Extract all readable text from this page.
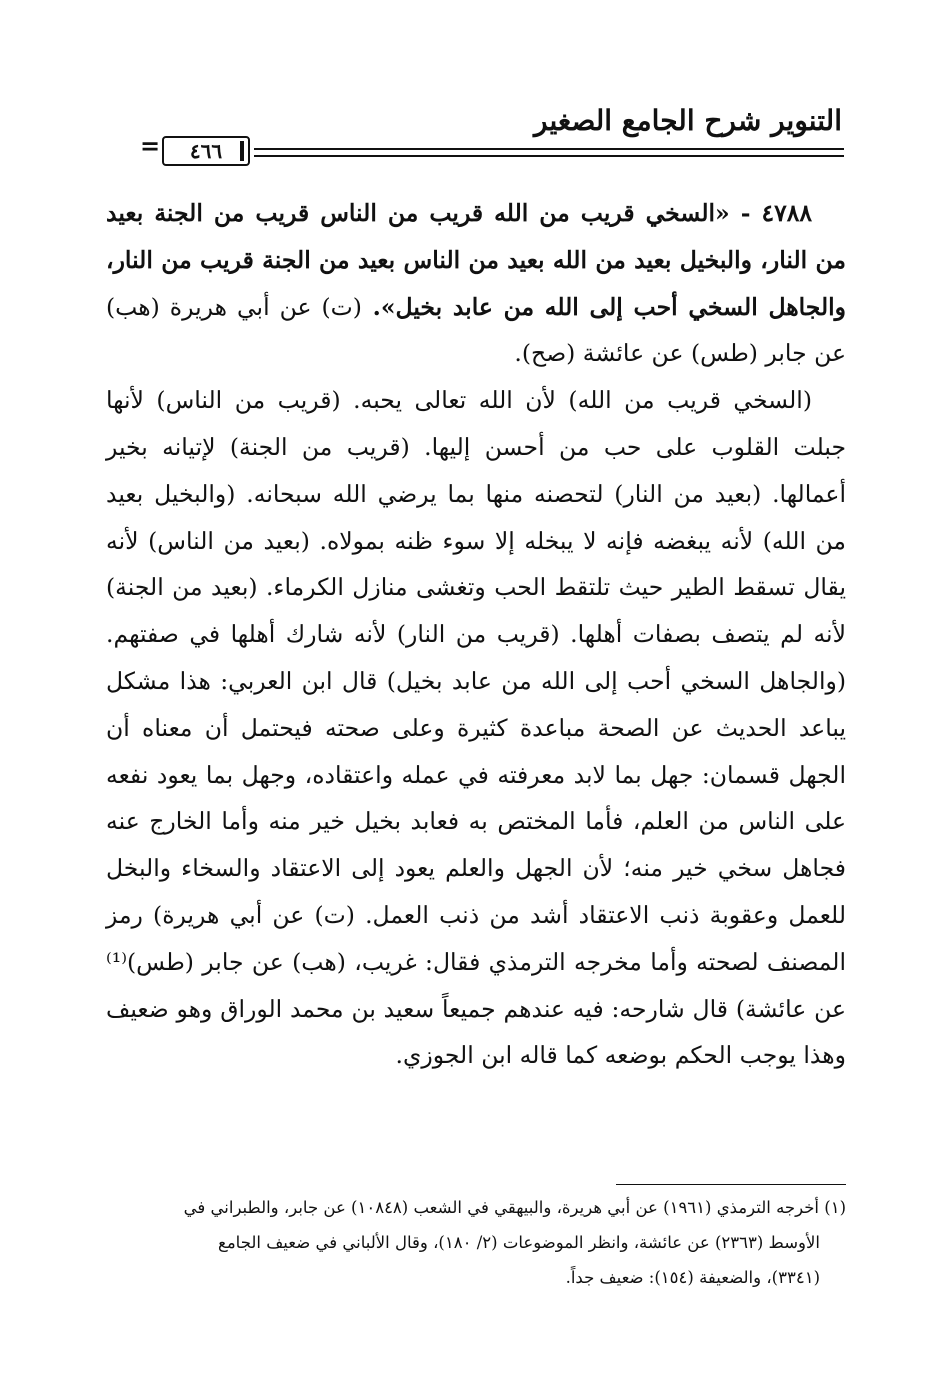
التنوير شرح الجامع الصغير
٤٦٦
=

٤٧٨٨ - «السخي قريب من الله قريب من الناس قريب من الجنة بعيد من النار، والبخيل بعيد من الله بعيد من الناس بعيد من الجنة قريب من النار، والجاهل السخي أحب إلى الله من عابد بخيل». (ت) عن أبي هريرة (هب) عن جابر (طس) عن عائشة (صح).

(السخي قريب من الله) لأن الله تعالى يحبه. (قريب من الناس) لأنها جبلت القلوب على حب من أحسن إليها. (قريب من الجنة) لإتيانه بخير أعمالها. (بعيد من النار) لتحصنه منها بما يرضي الله سبحانه. (والبخيل بعيد من الله) لأنه يبغضه فإنه لا يبخله إلا سوء ظنه بمولاه. (بعيد من الناس) لأنه يقال تسقط الطير حيث تلتقط الحب وتغشى منازل الكرماء. (بعيد من الجنة) لأنه لم يتصف بصفات أهلها. (قريب من النار) لأنه شارك أهلها في صفتهم. (والجاهل السخي أحب إلى الله من عابد بخيل) قال ابن العربي: هذا مشكل يباعد الحديث عن الصحة مباعدة كثيرة وعلى صحته فيحتمل أن معناه أن الجهل قسمان: جهل بما لابد معرفته في عمله واعتقاده، وجهل بما يعود نفعه على الناس من العلم، فأما المختص به فعابد بخيل خير منه وأما الخارج عنه فجاهل سخي خير منه؛ لأن الجهل والعلم يعود إلى الاعتقاد والسخاء والبخل للعمل وعقوبة ذنب الاعتقاد أشد من ذنب العمل. (ت) عن أبي هريرة) رمز المصنف لصحته وأما مخرجه الترمذي فقال: غريب، (هب) عن جابر (طس)⁽¹⁾ عن عائشة) قال شارحه: فيه عندهم جميعاً سعيد بن محمد الوراق وهو ضعيف وهذا يوجب الحكم بوضعه كما قاله ابن الجوزي.

(١) أخرجه الترمذي (١٩٦١) عن أبي هريرة، والبيهقي في الشعب (١٠٨٤٨) عن جابر، والطبراني في

الأوسط (٢٣٦٣) عن عائشة، وانظر الموضوعات (٢/ ١٨٠)، وقال الألباني في ضعيف الجامع

(٣٣٤١)، والضعيفة (١٥٤): ضعيف جداً.
